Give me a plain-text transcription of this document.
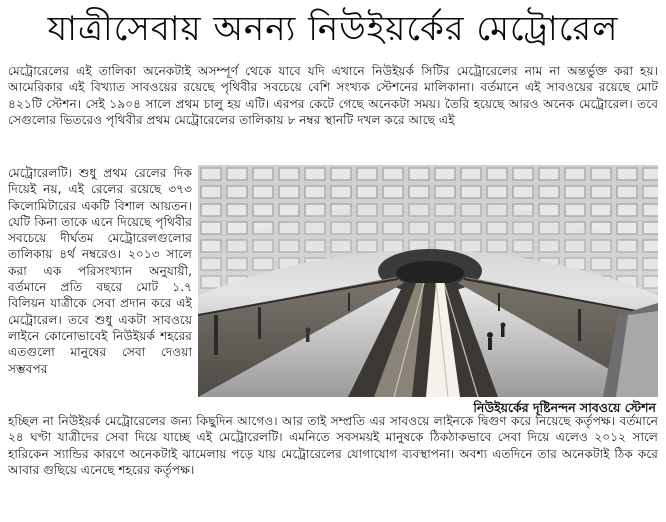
যাত্রীসেবায় অনন্য নিউইয়র্কের মেট্রোরেল
মেট্রোরেলের এই তালিকা অনেকটাই অসম্পূর্ণ থেকে যাবে যদি এখানে নিউইয়র্ক সিটির মেট্রোরেলের নাম না অন্তর্ভুক্ত করা হয়। আমেরিকার এই বিখ্যাত সাবওয়ের রয়েছে পৃথিবীর সবচেয়ে বেশি সংখ্যক স্টেশনের মালিকানা। বর্তমানে এই সাবওয়ের রয়েছে মোট ৪২১টি স্টেশন। সেই ১৯০৪ সালে প্রথম চালু হয় এটি। এরপর কেটে গেছে অনেকটা সময়। তৈরি হয়েছে আরও অনেক মেট্রোরেল। তবে সেগুলোর ভিতরেও পৃথিবীর প্রথম মেট্রোরেলের তালিকায় ৮ নম্বর স্থানটি দখল করে আছে এই
মেট্রোরেলটি। শুধু প্রথম রেলের দিক দিয়েই নয়, এই রেলের রয়েছে ৩৭৩ কিলোমিটারের একটি বিশাল আয়তন। যেটি কিনা তাকে এনে দিয়েছে পৃথিবীর সবচেয়ে দীর্ঘতম মেট্রোরেলগুলোর তালিকায় ৪র্থ নম্বরেও। ২০১৩ সালে করা এক পরিসংখ্যান অনুযায়ী, বর্তমানে প্রতি বছরে মোট ১.৭ বিলিয়ন যাত্রীকে সেবা প্রদান করে এই মেট্রোরেল। তবে শুধু একটা সাবওয়ে লাইনে কোনোভাবেই নিউইয়র্ক শহরের এতগুলো মানুষের সেবা দেওয়া সম্ভবপর
নিউইয়র্কের দৃষ্টিনন্দন সাবওয়ে স্টেশন
হচ্ছিল না নিউইয়র্ক মেট্রোরেলের জন্য কিছুদিন আগেও। আর তাই সম্প্রতি এর সাবওয়ে লাইনকে দ্বিগুণ করে নিয়েছে কর্তৃপক্ষ। বর্তমানে ২৪ ঘণ্টা যাত্রীদের সেবা দিয়ে যাচ্ছে এই মেট্রোরেলটি। এমনিতে সবসময়ই মানুষকে ঠিকঠাকভাবে সেবা দিয়ে এলেও ২০১২ সালে হারিকেন স্যান্ডির কারণে অনেকটাই ঝামেলায় পড়ে যায় মেট্রোরেলের যোগাযোগ ব্যবস্থাপনা। অবশ্য এতদিনে তার অনেকটাই ঠিক করে আবার গুছিয়ে এনেছে শহরের কর্তৃপক্ষ।
